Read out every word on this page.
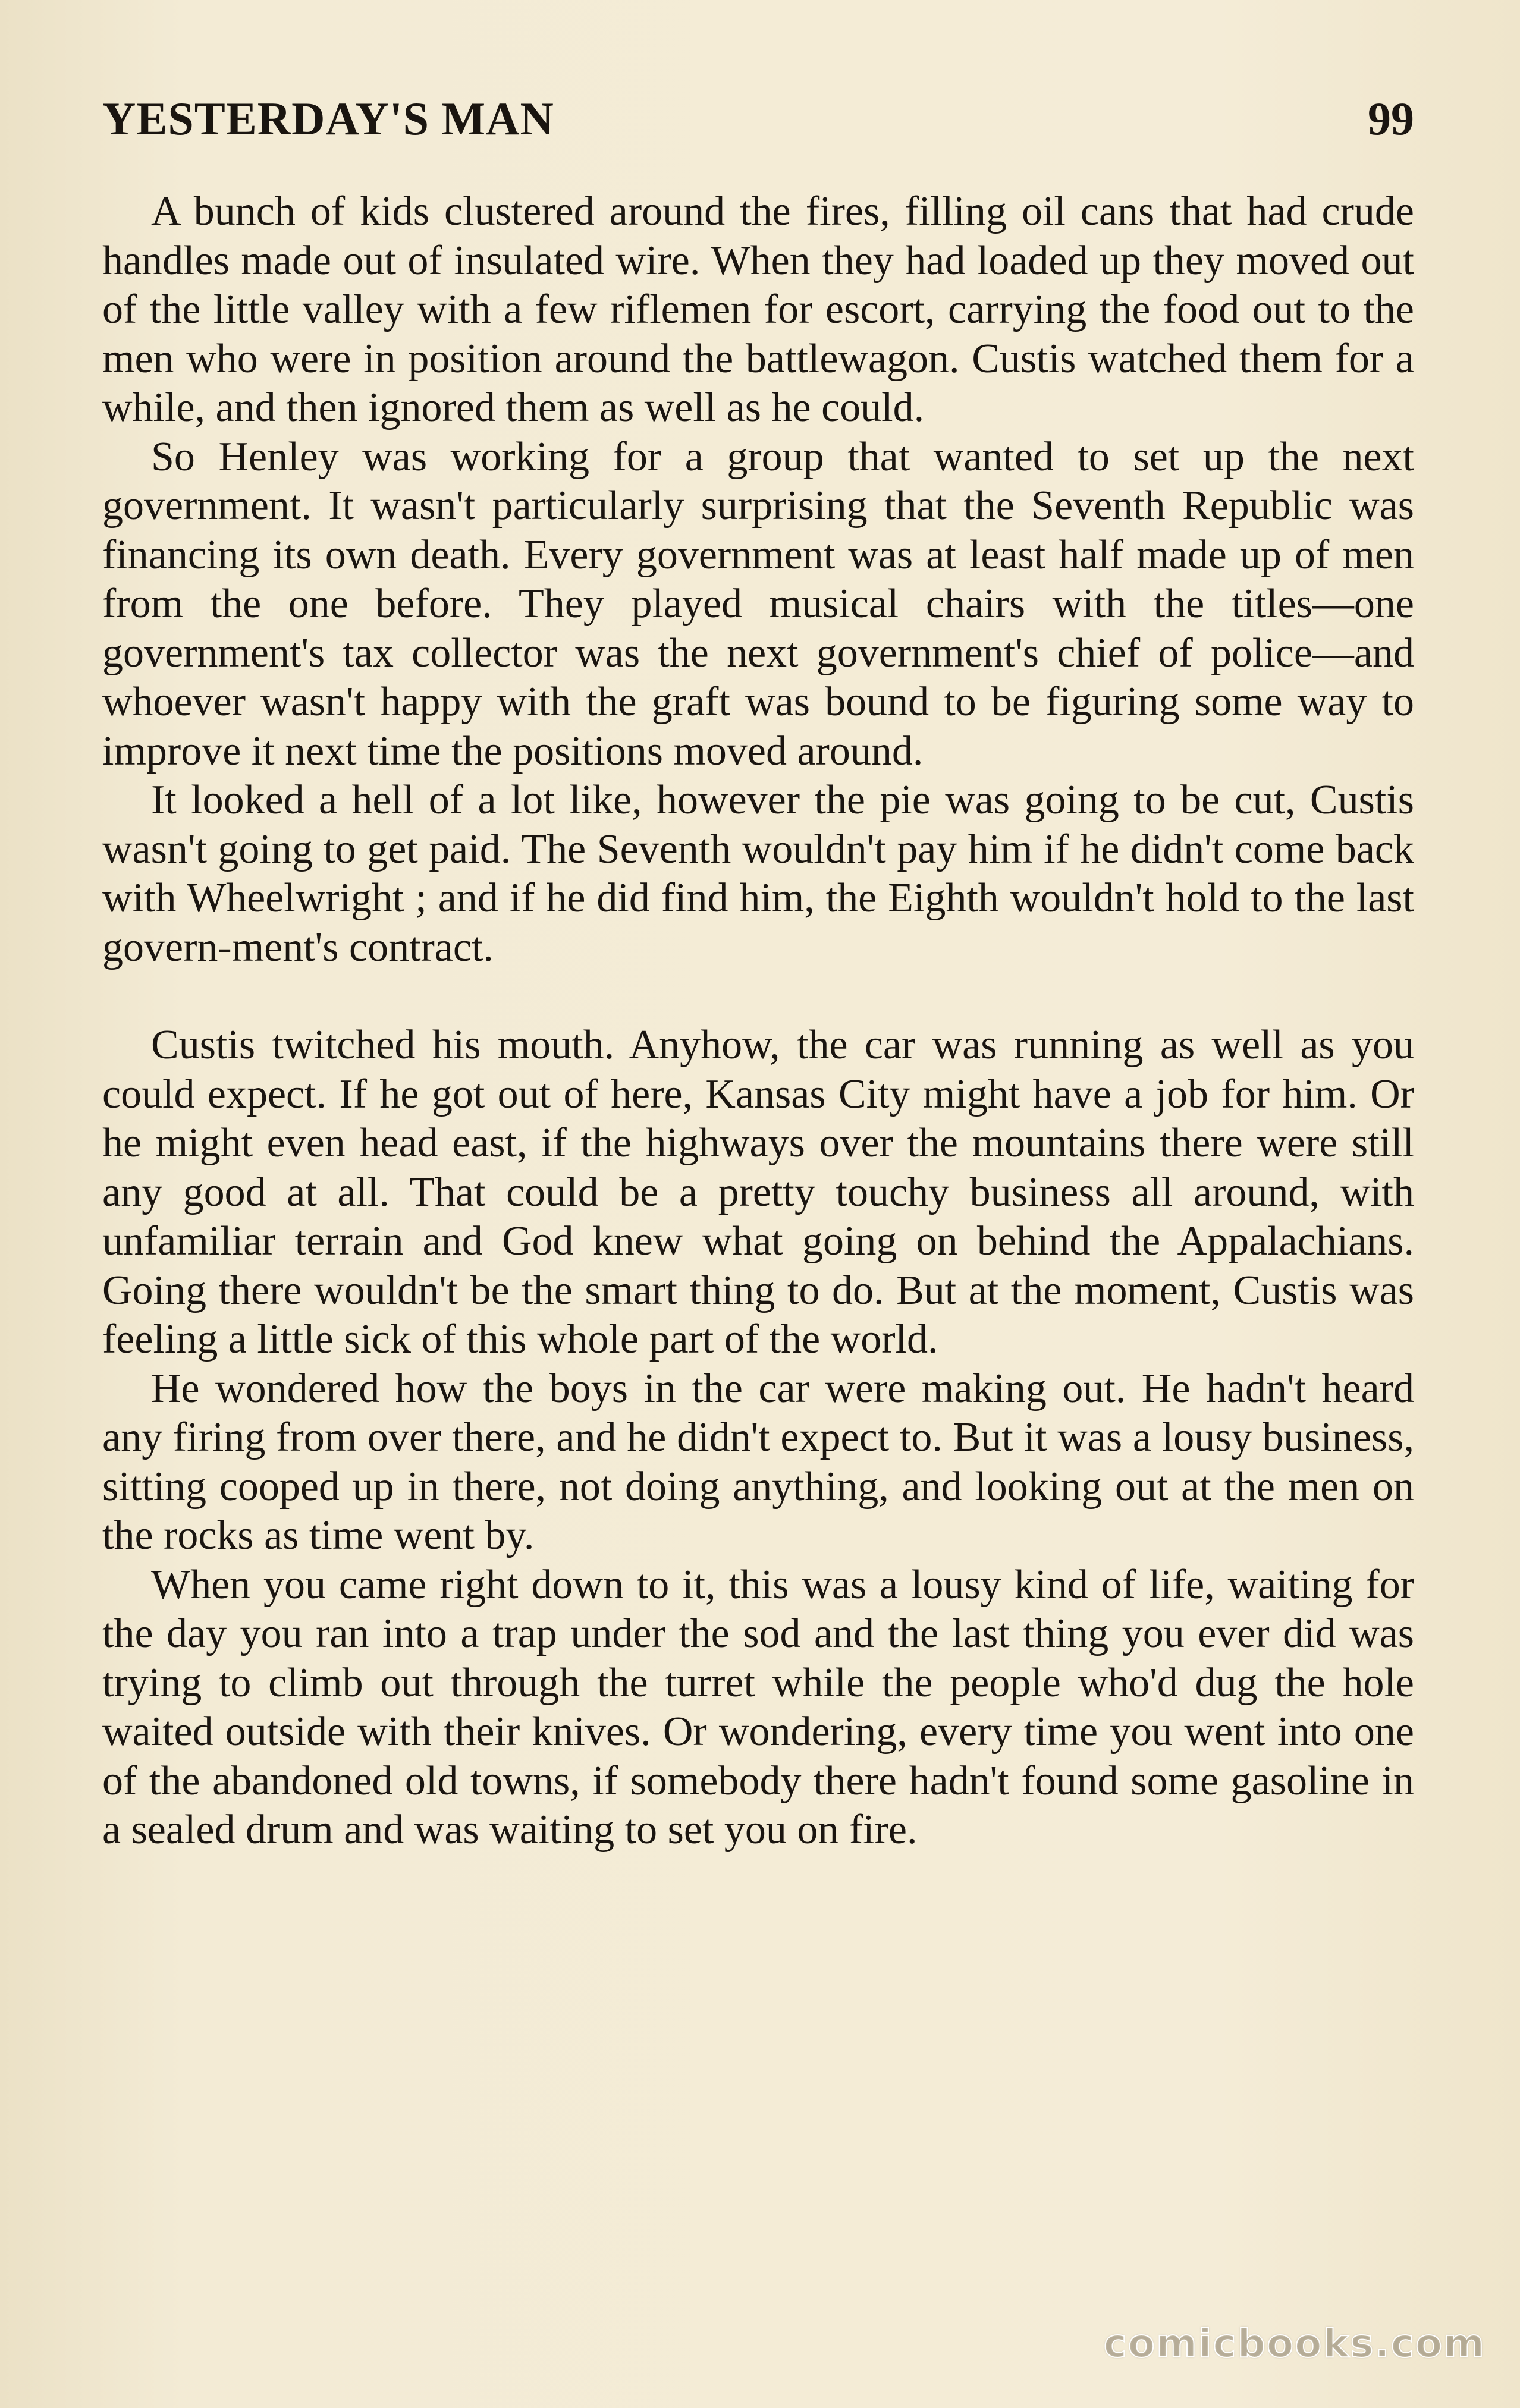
YESTERDAY'S MAN	99

A bunch of kids clustered around the fires, filling oil cans that had crude handles made out of insulated wire. When they had loaded up they moved out of the little valley with a few riflemen for escort, carrying the food out to the men who were in position around the battlewagon. Custis watched them for a while, and then ignored them as well as he could.

So Henley was working for a group that wanted to set up the next government. It wasn't particularly surprising that the Seventh Republic was financing its own death. Every government was at least half made up of men from the one before. They played musical chairs with the titles—one government's tax collector was the next government's chief of police—and whoever wasn't happy with the graft was bound to be figuring some way to improve it next time the positions moved around.

It looked a hell of a lot like, however the pie was going to be cut, Custis wasn't going to get paid. The Seventh wouldn't pay him if he didn't come back with Wheelwright ; and if he did find him, the Eighth wouldn't hold to the last govern-ment's contract.

Custis twitched his mouth. Anyhow, the car was running as well as you could expect. If he got out of here, Kansas City might have a job for him. Or he might even head east, if the highways over the mountains there were still any good at all. That could be a pretty touchy business all around, with unfamiliar terrain and God knew what going on behind the Appalachians. Going there wouldn't be the smart thing to do. But at the moment, Custis was feeling a little sick of this whole part of the world.

He wondered how the boys in the car were making out. He hadn't heard any firing from over there, and he didn't expect to. But it was a lousy business, sitting cooped up in there, not doing anything, and looking out at the men on the rocks as time went by.

When you came right down to it, this was a lousy kind of life, waiting for the day you ran into a trap under the sod and the last thing you ever did was trying to climb out through the turret while the people who'd dug the hole waited outside with their knives. Or wondering, every time you went into one of the abandoned old towns, if somebody there hadn't found some gasoline in a sealed drum and was waiting to set you on fire.

comicbooks.com
